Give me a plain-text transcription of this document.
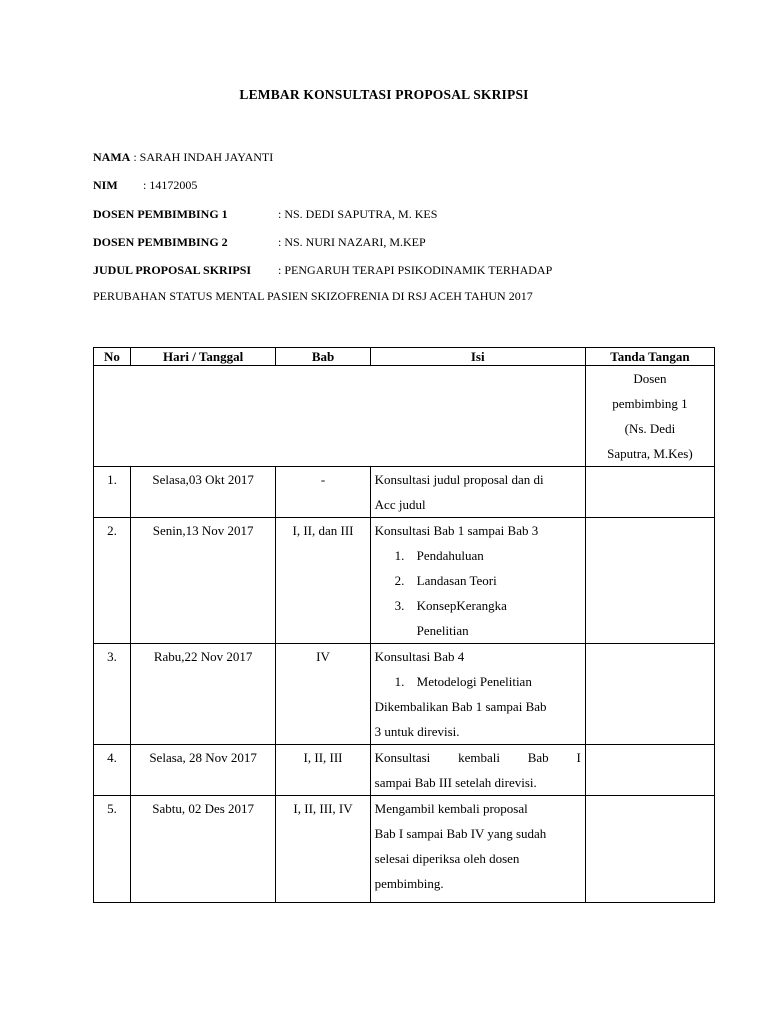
LEMBAR KONSULTASI PROPOSAL SKRIPSI
NAMA : SARAH INDAH JAYANTI
NIM : 14172005
DOSEN PEMBIMBING 1	: NS. DEDI SAPUTRA, M. KES
DOSEN PEMBIMBING 2	: NS. NURI NAZARI, M.KEP
JUDUL PROPOSAL SKRIPSI : PENGARUH TERAPI PSIKODINAMIK TERHADAP
PERUBAHAN STATUS MENTAL PASIEN SKIZOFRENIA DI RSJ ACEH TAHUN 2017
No	Hari / Tanggal	Bab	Isi	Tanda Tangan

				Dosen
pembimbing 1
(Ns. Dedi
Saputra, M.Kes)

1.	Selasa,03 Okt 2017	-	Konsultasi judul proposal dan di
Acc judul	

2.	Senin,13 Nov 2017	I, II, dan III	Konsultasi Bab 1 sampai Bab 3
1. Pendahuluan
2. Landasan Teori
3. KonsepKerangka
Penelitian	

3.	Rabu,22 Nov 2017	IV	Konsultasi Bab 4
1. Metodelogi Penelitian
Dikembalikan Bab 1 sampai Bab
3 untuk direvisi.	

4.	Selasa, 28 Nov 2017	I, II, III	Konsultasi kembali Bab I
sampai Bab III setelah direvisi.	

5.	Sabtu, 02 Des 2017	I, II, III, IV	Mengambil kembali proposal
Bab I sampai Bab IV yang sudah
selesai diperiksa oleh dosen
pembimbing.	
